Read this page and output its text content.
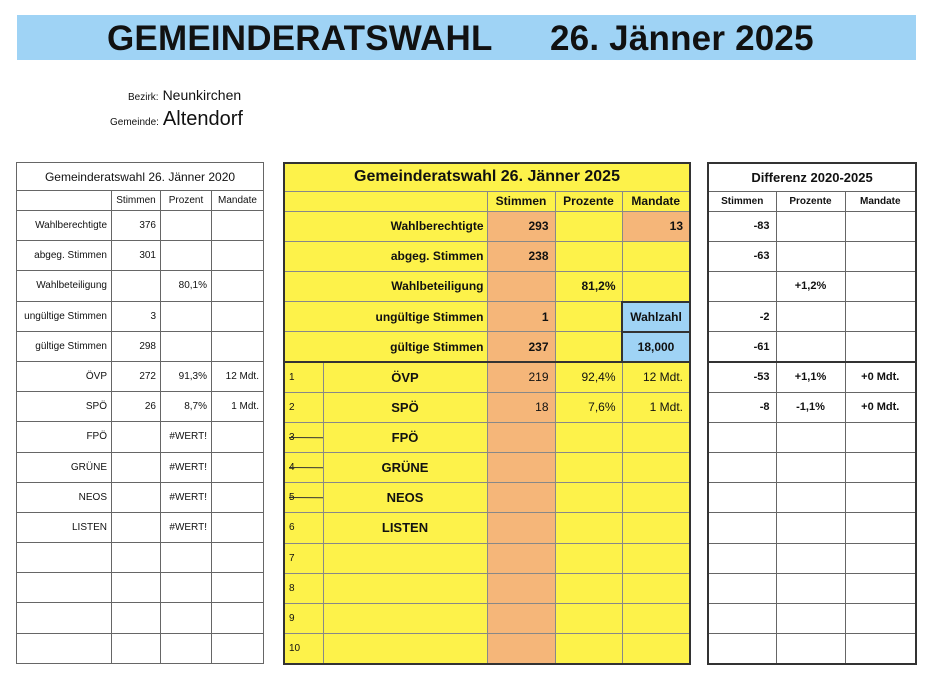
GEMEINDERATSWAHL 26. Jänner 2025
Bezirk: Neunkirchen
Gemeinde: Altendorf
Gemeinderatswahl 26. Jänner 2020			
	Stimmen	Prozent	Mandate
Wahlberechtigte	376		
abgeg. Stimmen	301		
Wahlbeteiligung		80,1%	
ungültige Stimmen	3		
gültige Stimmen	298		
ÖVP	272	91,3%	12 Mdt.
SPÖ	26	8,7%	1 Mdt.
FPÖ		#WERT!	
GRÜNE		#WERT!	
NEOS		#WERT!	
LISTEN		#WERT!	

Gemeinderatswahl 26. Jänner 2025				
		Stimmen	Prozente	Mandate
Wahlberechtigte		293		13
abgeg. Stimmen		238		
Wahlbeteiligung			81,2%	
ungültige Stimmen		1		Wahlzahl
gültige Stimmen		237		18,000
1	ÖVP	219	92,4%	12 Mdt.
2	SPÖ	18	7,6%	1 Mdt.
3	FPÖ			
4	GRÜNE			
5	NEOS			
6	LISTEN			
7				
8				
9				
10				
Differenz 2020-2025		
Stimmen	Prozente	Mandate
-83		
-63		
	+1,2%	
-2		
-61		
-53	+1,1%	+0 Mdt.
-8	-1,1%	+0 Mdt.
